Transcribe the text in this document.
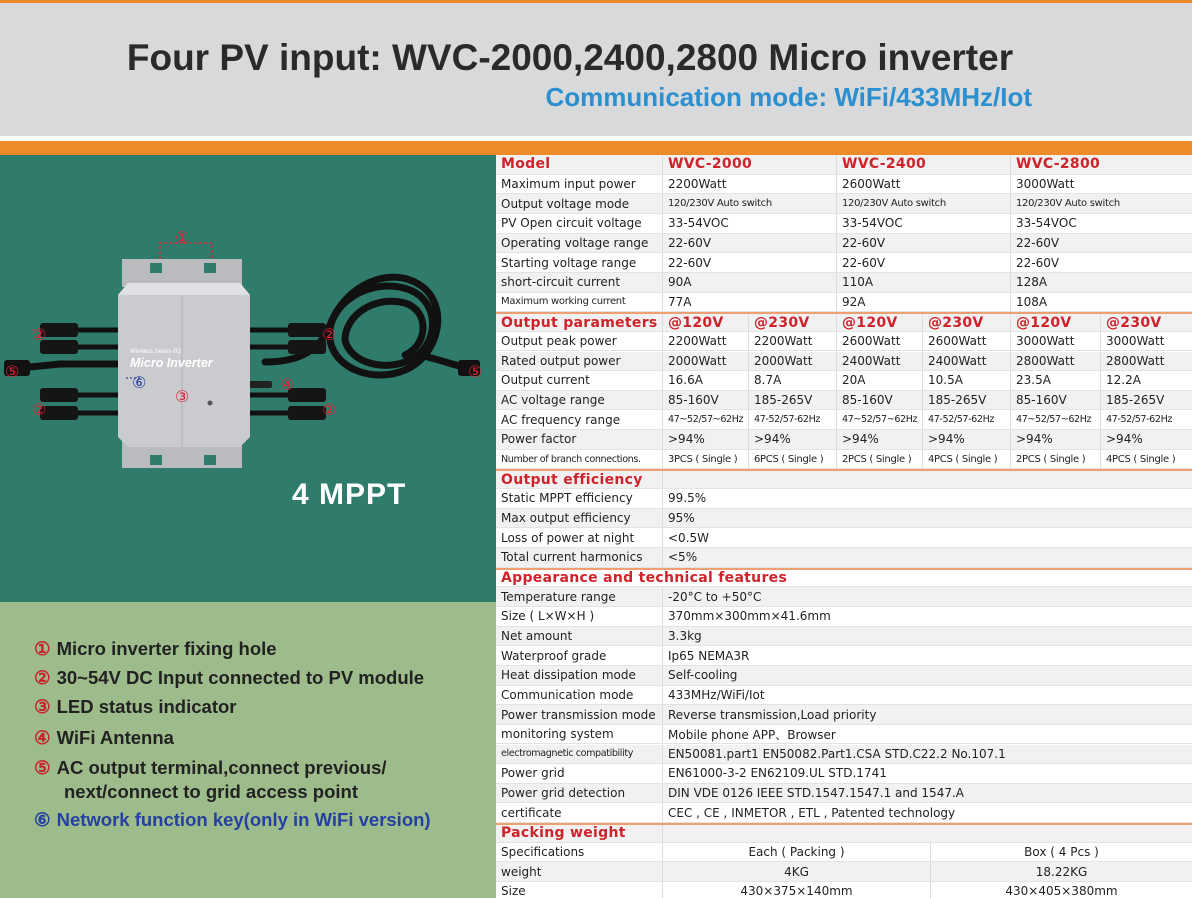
Four PV input: WVC-2000,2400,2800 Micro inverter
Communication mode: WiFi/433MHz/Iot
Wireless Series-R2
Micro Inverter
①
②	②
⑤	⑤
⑥
③
④
②	②
4 MPPT
① Micro inverter fixing hole
② 30~54V DC Input connected to PV module
③ LED status indicator
④ WiFi Antenna
⑤ AC output terminal,connect previous/
next/connect to grid access point
⑥ Network function key(only in WiFi version)
Model	WVC-2000	WVC-2400	WVC-2800
Maximum input power	2200Watt	2600Watt	3000Watt
Output voltage mode	120/230V Auto switch	120/230V Auto switch	120/230V Auto switch
PV Open circuit voltage	33-54VOC	33-54VOC	33-54VOC
Operating voltage range	22-60V	22-60V	22-60V
Starting voltage range	22-60V	22-60V	22-60V
short-circuit current	90A	110A	128A
Maximum working current	77A	92A	108A
Output parameters @120V	@230V	@120V	@230V	@120V	@230V
Output peak power	2200Watt	2200Watt	2600Watt	2600Watt	3000Watt	3000Watt
Rated output power	2000Watt	2000Watt	2400Watt	2400Watt	2800Watt	2800Watt
Output current	16.6A	8.7A	20A	10.5A	23.5A	12.2A
AC voltage range	85-160V	185-265V	85-160V	185-265V	85-160V	185-265V
AC frequency range	47~52/57~62Hz	47-52/57-62Hz	47~52/57~62Hz	47-52/57-62Hz	47~52/57~62Hz	47-52/57-62Hz
Power factor	>94%	>94%	>94%	>94%	>94%	>94%
Number of branch connections.	3PCS ( Single )	6PCS ( Single )	2PCS ( Single )	4PCS ( Single )	2PCS ( Single )	4PCS ( Single )
Output efficiency
Static MPPT efficiency	99.5%
Max output efficiency	95%
Loss of power at night	<0.5W
Total current harmonics	<5%
Appearance and technical features
Temperature range	-20°C to +50°C
Size ( L×W×H )	370mm×300mm×41.6mm
Net amount	3.3kg
Waterproof grade	Ip65 NEMA3R
Heat dissipation mode	Self-cooling
Communication mode	433MHz/WiFi/Iot
Power transmission mode	Reverse transmission,Load priority
monitoring system	Mobile phone APP、Browser
electromagnetic compatibility	EN50081.part1 EN50082.Part1.CSA STD.C22.2 No.107.1
Power grid	EN61000-3-2 EN62109.UL STD.1741
Power grid detection	DIN VDE 0126 IEEE STD.1547.1547.1 and 1547.A
certificate	CEC , CE , INMETOR , ETL , Patented technology
Packing weight
Specifications	Each ( Packing )	Box ( 4 Pcs )
weight	4KG	18.22KG
Size	430×375×140mm	430×405×380mm
